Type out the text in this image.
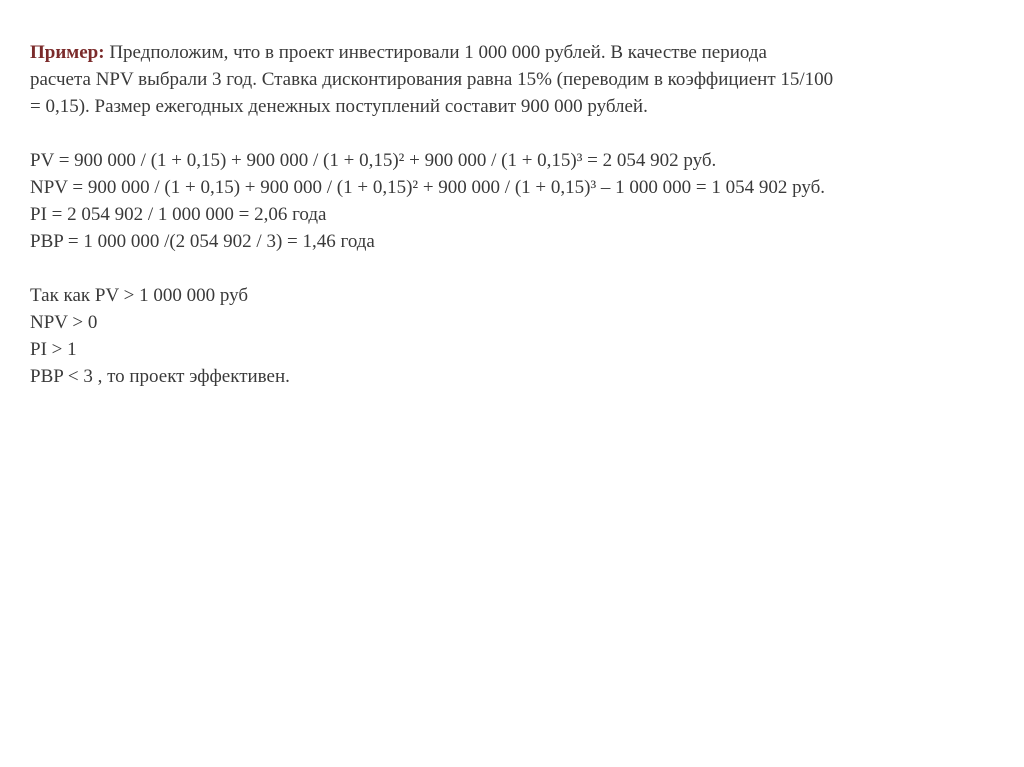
Пример: Предположим, что в проект инвестировали 1 000 000 рублей. В качестве периода
расчета NPV выбрали 3 год. Ставка дисконтирования равна 15% (переводим в коэффициент 15/100
= 0,15). Размер ежегодных денежных поступлений составит 900 000 рублей.

PV = 900 000 / (1 + 0,15) + 900 000 / (1 + 0,15)² + 900 000 / (1 + 0,15)³ = 2 054 902 руб.
NPV = 900 000 / (1 + 0,15) + 900 000 / (1 + 0,15)² + 900 000 / (1 + 0,15)³ – 1 000 000 = 1 054 902 руб.
PI = 2 054 902 / 1 000 000 = 2,06 года
PBP = 1 000 000 /(2 054 902 / 3) = 1,46 года
Так как PV > 1 000 000 руб
NPV > 0
PI > 1
PBP < 3 , то проект эффективен.
